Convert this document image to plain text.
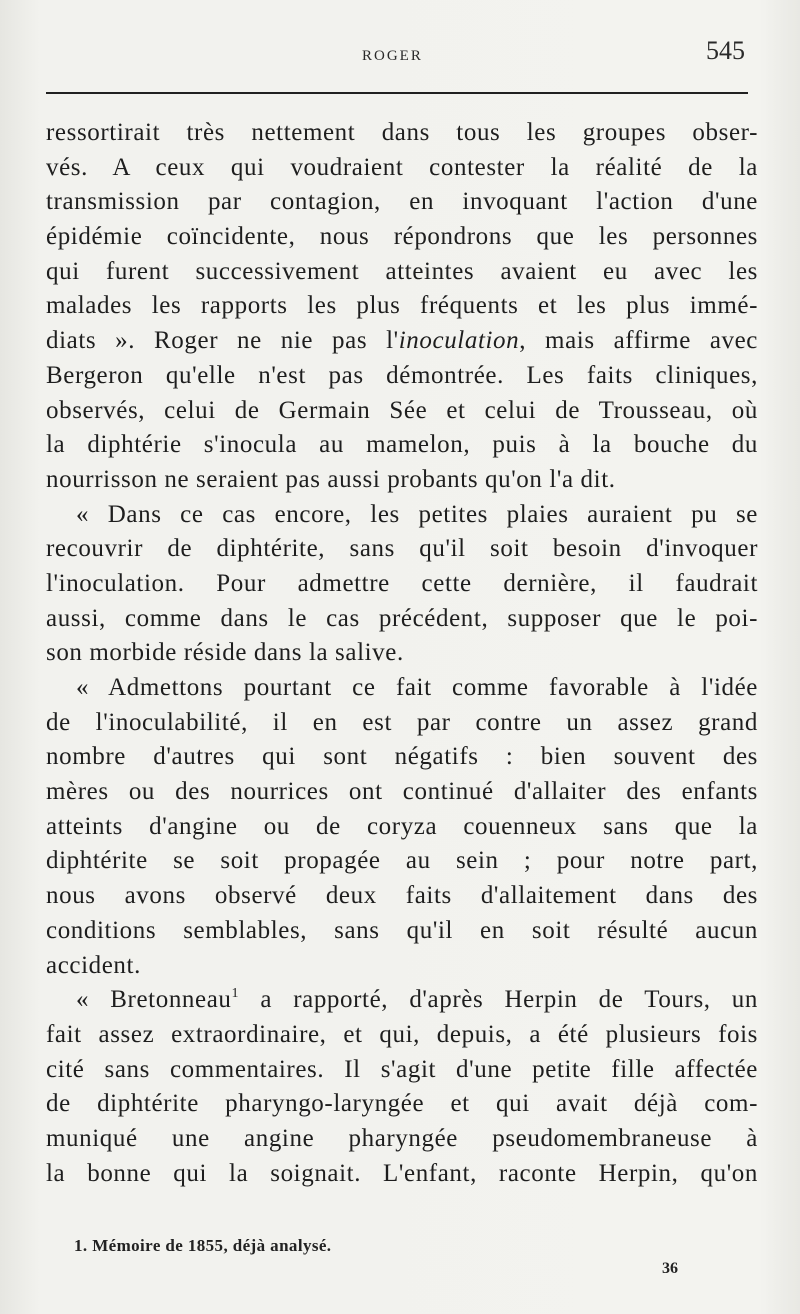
ROGER	545
ressortirait très nettement dans tous les groupes obser-
vés. A ceux qui voudraient contester la réalité de la
transmission par contagion, en invoquant l'action d'une
épidémie coïncidente, nous répondrons que les personnes
qui furent successivement atteintes avaient eu avec les
malades les rapports les plus fréquents et les plus immé-
diats ». Roger ne nie pas l'inoculation, mais affirme avec
Bergeron qu'elle n'est pas démontrée. Les faits cliniques,
observés, celui de Germain Sée et celui de Trousseau, où
la diphtérie s'inocula au mamelon, puis à la bouche du
nourrisson ne seraient pas aussi probants qu'on l'a dit.
« Dans ce cas encore, les petites plaies auraient pu se
recouvrir de diphtérite, sans qu'il soit besoin d'invoquer
l'inoculation. Pour admettre cette dernière, il faudrait
aussi, comme dans le cas précédent, supposer que le poi-
son morbide réside dans la salive.
« Admettons pourtant ce fait comme favorable à l'idée
de l'inoculabilité, il en est par contre un assez grand
nombre d'autres qui sont négatifs : bien souvent des
mères ou des nourrices ont continué d'allaiter des enfants
atteints d'angine ou de coryza couenneux sans que la
diphtérite se soit propagée au sein ; pour notre part,
nous avons observé deux faits d'allaitement dans des
conditions semblables, sans qu'il en soit résulté aucun
accident.
« Bretonneau$^1$ a rapporté, d'après Herpin de Tours, un
fait assez extraordinaire, et qui, depuis, a été plusieurs fois
cité sans commentaires. Il s'agit d'une petite fille affectée
de diphtérite pharyngo-laryngée et qui avait déjà com-
muniqué une angine pharyngée pseudomembraneuse à
la bonne qui la soignait. L'enfant, raconte Herpin, qu'on
1. Mémoire de 1855, déjà analysé.
36
